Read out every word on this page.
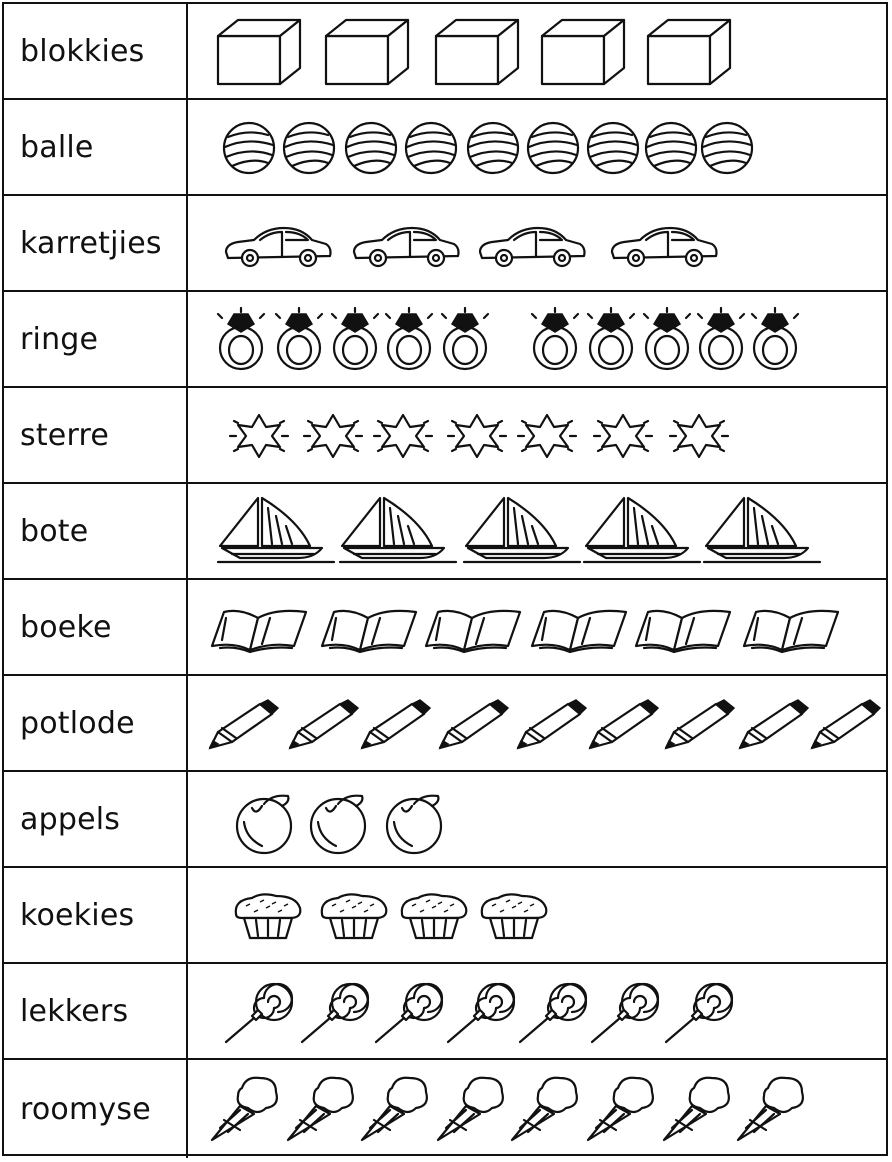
blokkies
balle
karretjies
ringe
sterre
bote
boeke
potlode
appels
koekies
lekkers
roomyse
